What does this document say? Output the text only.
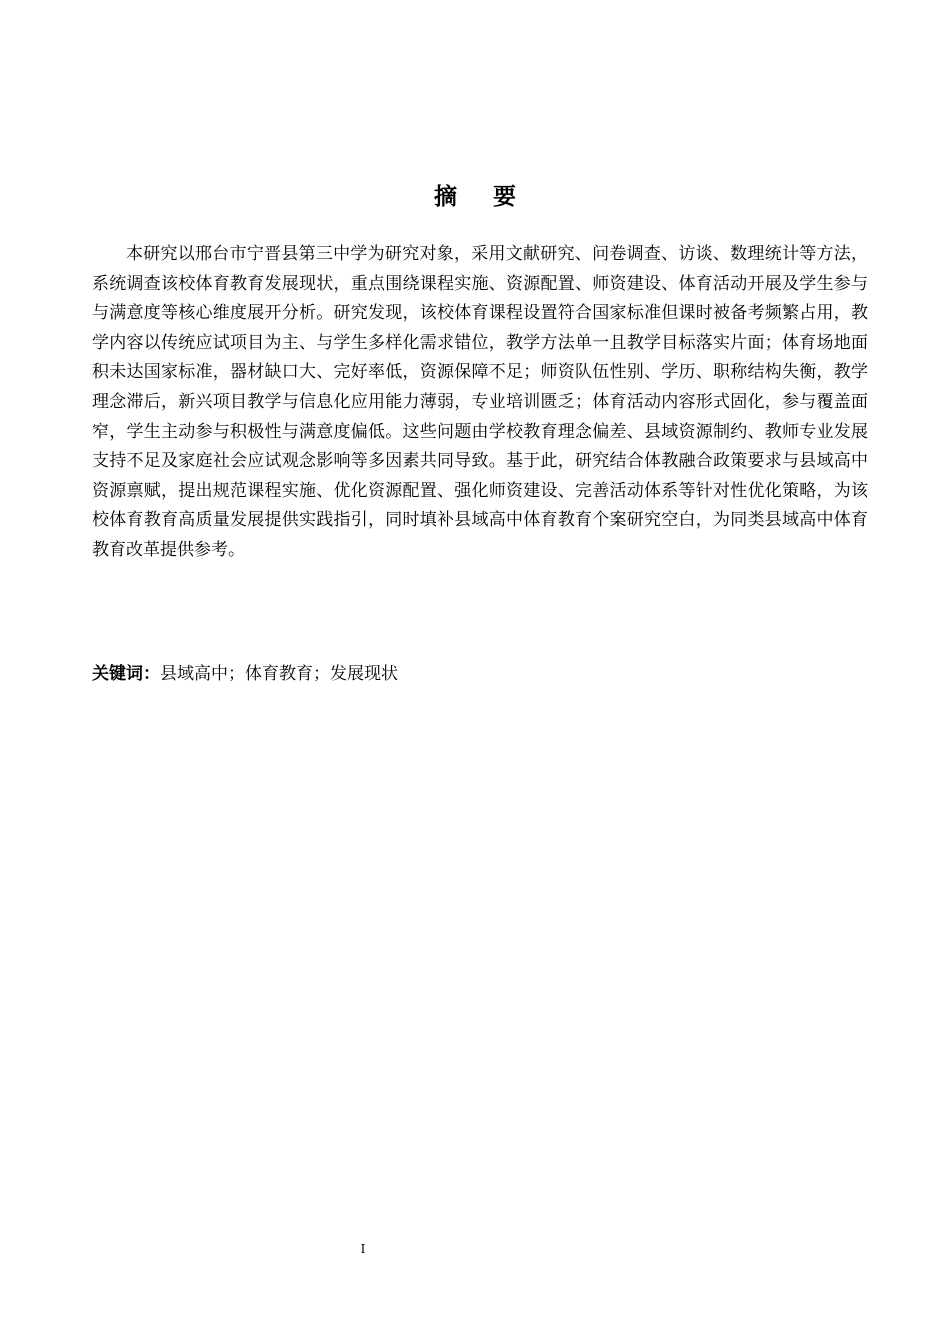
摘 要

本研究以邢台市宁晋县第三中学为研究对象，采用文献研究、问卷调查、访谈、数理统计等方法，系统调查该校体育教育发展现状，重点围绕课程实施、资源配置、师资建设、体育活动开展及学生参与与满意度等核心维度展开分析。研究发现，该校体育课程设置符合国家标准但课时被备考频繁占用，教学内容以传统应试项目为主、与学生多样化需求错位，教学方法单一且教学目标落实片面；体育场地面积未达国家标准，器材缺口大、完好率低，资源保障不足；师资队伍性别、学历、职称结构失衡，教学理念滞后，新兴项目教学与信息化应用能力薄弱，专业培训匮乏；体育活动内容形式固化，参与覆盖面窄，学生主动参与积极性与满意度偏低。这些问题由学校教育理念偏差、县域资源制约、教师专业发展支持不足及家庭社会应试观念影响等多因素共同导致。基于此，研究结合体教融合政策要求与县域高中资源禀赋，提出规范课程实施、优化资源配置、强化师资建设、完善活动体系等针对性优化策略，为该校体育教育高质量发展提供实践指引，同时填补县域高中体育教育个案研究空白，为同类县域高中体育教育改革提供参考。

关键词：县域高中；体育教育；发展现状

I
